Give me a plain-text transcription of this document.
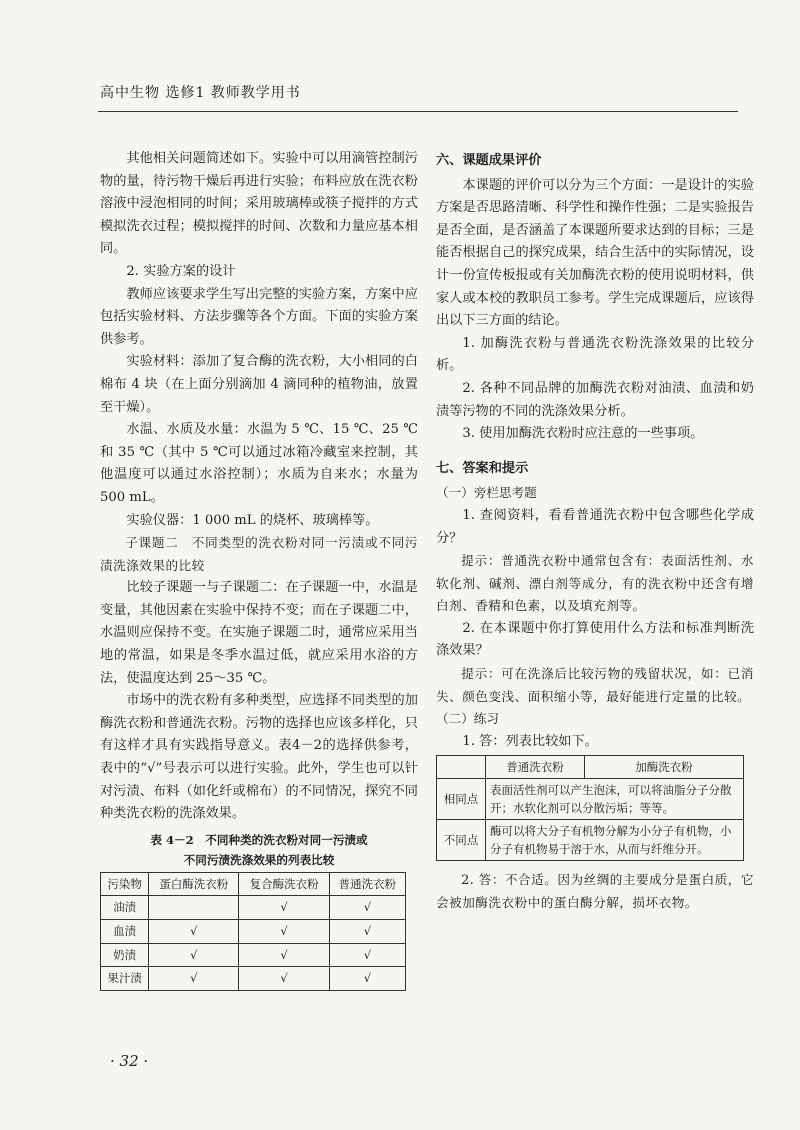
高中生物 选修1 教师教学用书

其他相关问题简述如下。实验中可以用滴管控制污物的量，待污物干燥后再进行实验；布料应放在洗衣粉溶液中浸泡相同的时间；采用玻璃棒或筷子搅拌的方式模拟洗衣过程；模拟搅拌的时间、次数和力量应基本相同。

2. 实验方案的设计

教师应该要求学生写出完整的实验方案，方案中应包括实验材料、方法步骤等各个方面。下面的实验方案供参考。

实验材料：添加了复合酶的洗衣粉，大小相同的白棉布 4 块（在上面分别滴加 4 滴同种的植物油，放置至干燥）。

水温、水质及水量：水温为 5 ℃、15 ℃、25 ℃和 35 ℃（其中 5 ℃可以通过冰箱冷藏室来控制，其他温度可以通过水浴控制）；水质为自来水；水量为 500 mL。

实验仪器：1 000 mL 的烧杯、玻璃棒等。

子课题二　不同类型的洗衣粉对同一污渍或不同污渍洗涤效果的比较

比较子课题一与子课题二：在子课题一中，水温是变量，其他因素在实验中保持不变；而在子课题二中，水温则应保持不变。在实施子课题二时，通常应采用当地的常温，如果是冬季水温过低，就应采用水浴的方法，使温度达到 25～35 ℃。

市场中的洗衣粉有多种类型，应选择不同类型的加酶洗衣粉和普通洗衣粉。污物的选择也应该多样化，只有这样才具有实践指导意义。表4－2的选择供参考，表中的“√”号表示可以进行实验。此外，学生也可以针对污渍、布料（如化纤或棉布）的不同情况，探究不同种类洗衣粉的洗涤效果。

表 4－2　不同种类的洗衣粉对同一污渍或
不同污渍洗涤效果的列表比较
污染物	蛋白酶洗衣粉	复合酶洗衣粉	普通洗衣粉
油渍		√	√
血渍	√	√	√
奶渍	√	√	√
果汁渍	√	√	√

六、课题成果评价

本课题的评价可以分为三个方面：一是设计的实验方案是否思路清晰、科学性和操作性强；二是实验报告是否全面，是否涵盖了本课题所要求达到的目标；三是能否根据自己的探究成果，结合生活中的实际情况，设计一份宣传板报或有关加酶洗衣粉的使用说明材料，供家人或本校的教职员工参考。学生完成课题后，应该得出以下三方面的结论。

1. 加酶洗衣粉与普通洗衣粉洗涤效果的比较分析。

2. 各种不同品牌的加酶洗衣粉对油渍、血渍和奶渍等污物的不同的洗涤效果分析。

3. 使用加酶洗衣粉时应注意的一些事项。

七、答案和提示

（一）旁栏思考题

1. 查阅资料，看看普通洗衣粉中包含哪些化学成分？

提示：普通洗衣粉中通常包含有：表面活性剂、水软化剂、碱剂、漂白剂等成分，有的洗衣粉中还含有增白剂、香精和色素，以及填充剂等。

2. 在本课题中你打算使用什么方法和标准判断洗涤效果？

提示：可在洗涤后比较污物的残留状况，如：已消失、颜色变浅、面积缩小等，最好能进行定量的比较。

（二）练习

1. 答：列表比较如下。

	普通洗衣粉	加酶洗衣粉
相同点	表面活性剂可以产生泡沫，可以将油脂分子分散开；水软化剂可以分散污垢；等等。	
不同点	酶可以将大分子有机物分解为小分子有机物，小分子有机物易于溶于水，从而与纤维分开。	

2. 答：不合适。因为丝绸的主要成分是蛋白质，它会被加酶洗衣粉中的蛋白酶分解，损坏衣物。

· 32 ·
